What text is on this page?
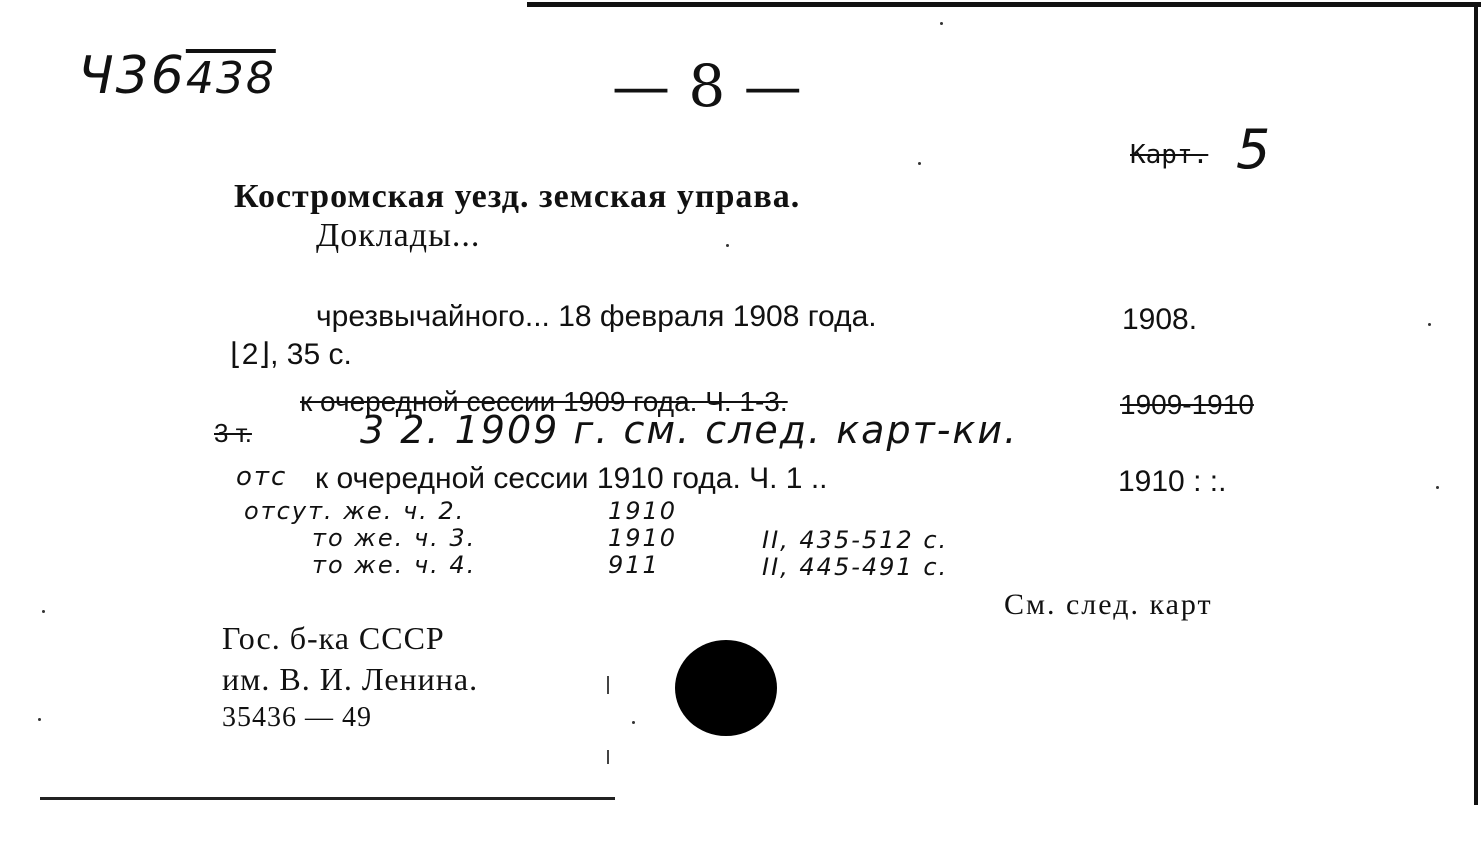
Ч36438	— 8 —
Карт. 5
Костромская уезд. земская управа.
Доклады...
чрезвычайного... 18 февраля 1908 года.	1908.
⌊2⌋, 35 с.
к очередной сессии 1909 года. Ч. 1-3.	1909-1910
3 т.	3 2. 1909 г. см. след. карт-ки.
отс к очередной сессии 1910 года. Ч. 1 ..	1910 : :.
отсут. же. ч. 2.	1910
то же. ч. 3.	1910	II, 435-512 с.
то же. ч. 4.	911	II, 445-491 с.
См. след. карт
Гос. б-ка СССР
им. В. И. Ленина.
35436 — 49
